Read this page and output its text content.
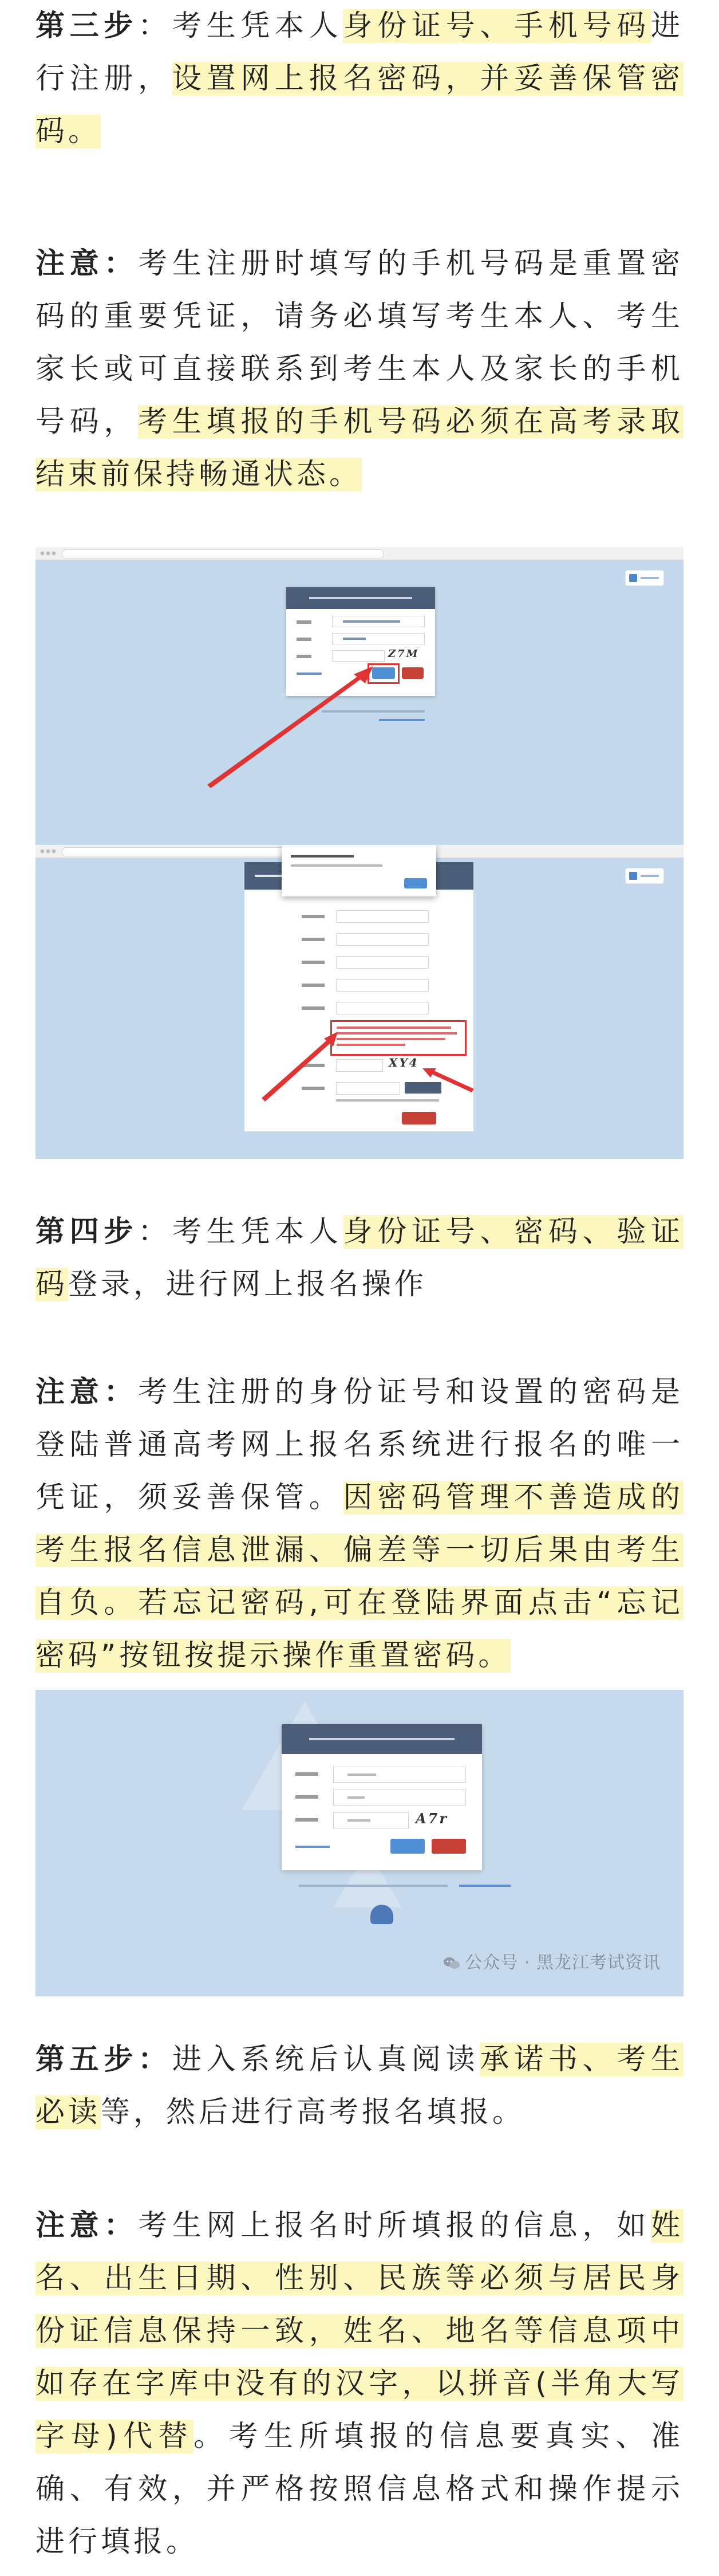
第三步：考生凭本人身份证号、手机号码进行注册，设置网上报名密码，并妥善保管密码。

注意：考生注册时填写的手机号码是重置密码的重要凭证，请务必填写考生本人、考生家长或可直接联系到考生本人及家长的手机号码，考生填报的手机号码必须在高考录取结束前保持畅通状态。

Z7M
XY4

第四步：考生凭本人身份证号、密码、验证码登录，进行网上报名操作

注意：考生注册的身份证号和设置的密码是登陆普通高考网上报名系统进行报名的唯一凭证，须妥善保管。因密码管理不善造成的考生报名信息泄漏、偏差等一切后果由考生自负。若忘记密码,可在登陆界面点击“忘记密码”按钮按提示操作重置密码。

A7r
公众号 · 黑龙江考试资讯

第五步：进入系统后认真阅读承诺书、考生必读等，然后进行高考报名填报。

注意：考生网上报名时所填报的信息，如姓名、出生日期、性别、民族等必须与居民身份证信息保持一致，姓名、地名等信息项中如存在字库中没有的汉字，以拼音(半角大写字母)代替。考生所填报的信息要真实、准确、有效，并严格按照信息格式和操作提示进行填报。
